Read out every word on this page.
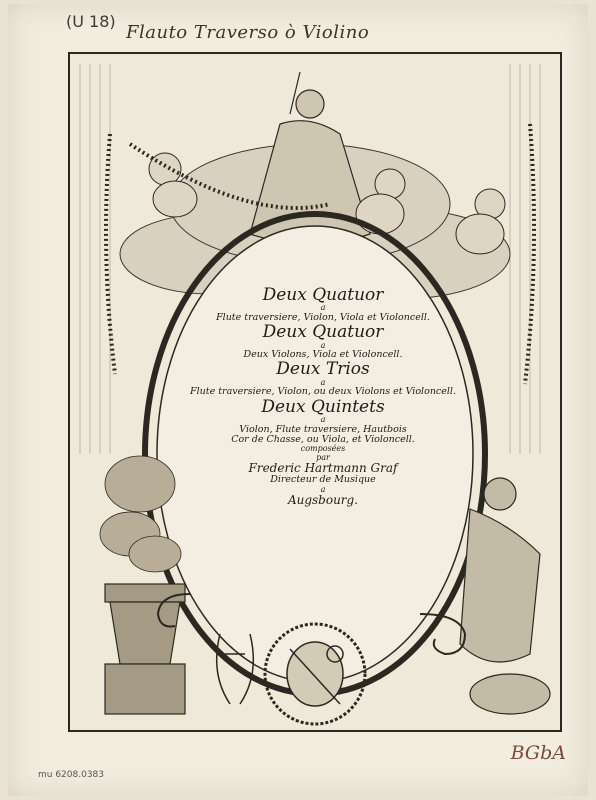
(U 18)
Flauto Traverso ò Violino
Deux Quatuor
a
Flute traversiere, Violon, Viola et Violoncell.
Deux Quatuor
a
Deux Violons, Viola et Violoncell.
Deux Trios
a
Flute traversiere, Violon, ou deux Violons et Violoncell.
Deux Quintets
a
Violon, Flute traversiere, Hautbois
Cor de Chasse, ou Viola, et Violoncell.
composées
par
Frederic Hartmann Graf
Directeur de Musique
a
Augsbourg.
mu 6208.0383
BGbA
